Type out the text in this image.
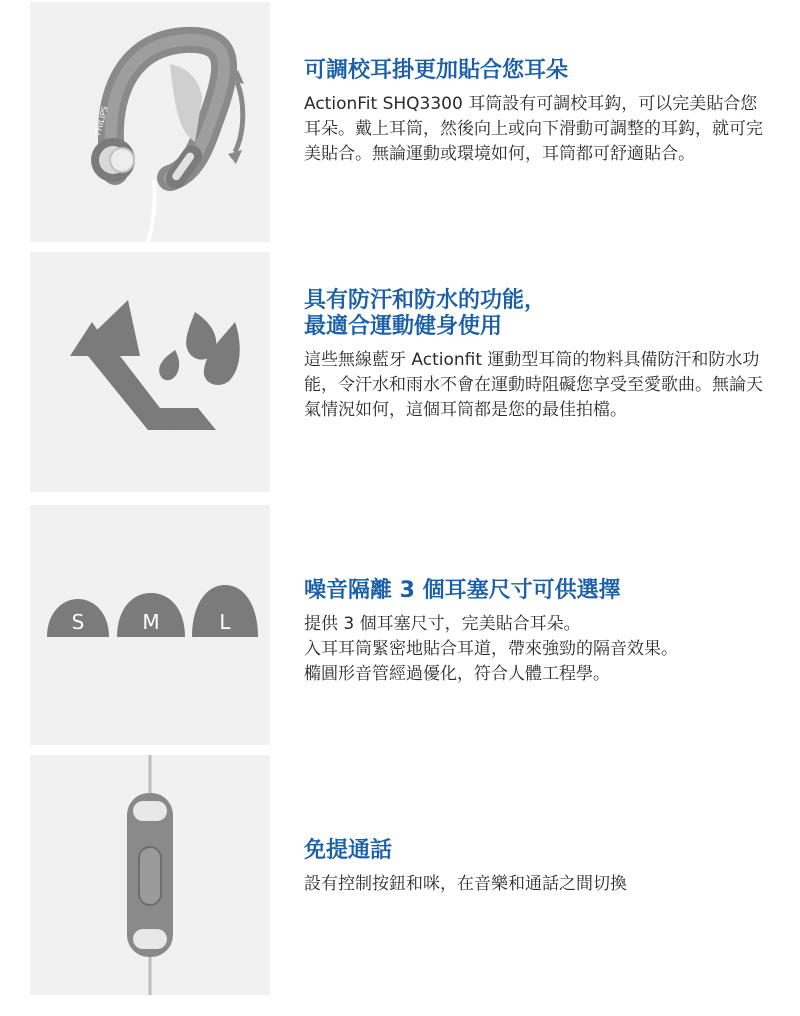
PHILIPS
可調校耳掛更加貼合您耳朵

ActionFit SHQ3300 耳筒設有可調校耳鈎，可以完美貼合您耳朵。戴上耳筒，然後向上或向下滑動可調整的耳鈎，就可完美貼合。無論運動或環境如何，耳筒都可舒適貼合。

具有防汗和防水的功能，
最適合運動健身使用

這些無線藍牙 Actionfit 運動型耳筒的物料具備防汗和防水功能，令汗水和雨水不會在運動時阻礙您享受至愛歌曲。無論天氣情況如何，這個耳筒都是您的最佳拍檔。

S	M	L
噪音隔離 3 個耳塞尺寸可供選擇

提供 3 個耳塞尺寸，完美貼合耳朵。
入耳耳筒緊密地貼合耳道，帶來強勁的隔音效果。
橢圓形音管經過優化，符合人體工程學。

免提通話

設有控制按鈕和咪，在音樂和通話之間切換
